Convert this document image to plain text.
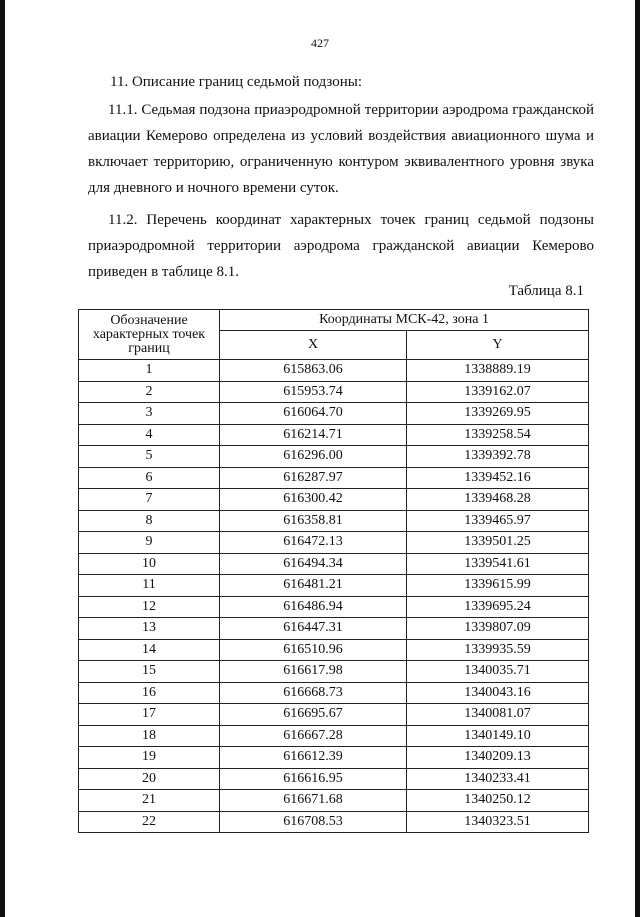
427
11. Описание границ седьмой подзоны:

11.1. Седьмая подзона приаэродромной территории аэродрома гражданской авиации Кемерово определена из условий воздействия авиационного шума и включает территорию, ограниченную контуром эквивалентного уровня звука для дневного и ночного времени суток.

11.2. Перечень координат характерных точек границ седьмой подзоны приаэродромной территории аэродрома гражданской авиации Кемерово приведен в таблице 8.1.

Таблица 8.1
Обозначение характерных точек границ	Координаты МСК-42, зона 1	
	X	Y
1	615863.06	1338889.19
2	615953.74	1339162.07
3	616064.70	1339269.95
4	616214.71	1339258.54
5	616296.00	1339392.78
6	616287.97	1339452.16
7	616300.42	1339468.28
8	616358.81	1339465.97
9	616472.13	1339501.25
10	616494.34	1339541.61
11	616481.21	1339615.99
12	616486.94	1339695.24
13	616447.31	1339807.09
14	616510.96	1339935.59
15	616617.98	1340035.71
16	616668.73	1340043.16
17	616695.67	1340081.07
18	616667.28	1340149.10
19	616612.39	1340209.13
20	616616.95	1340233.41
21	616671.68	1340250.12
22	616708.53	1340323.51
